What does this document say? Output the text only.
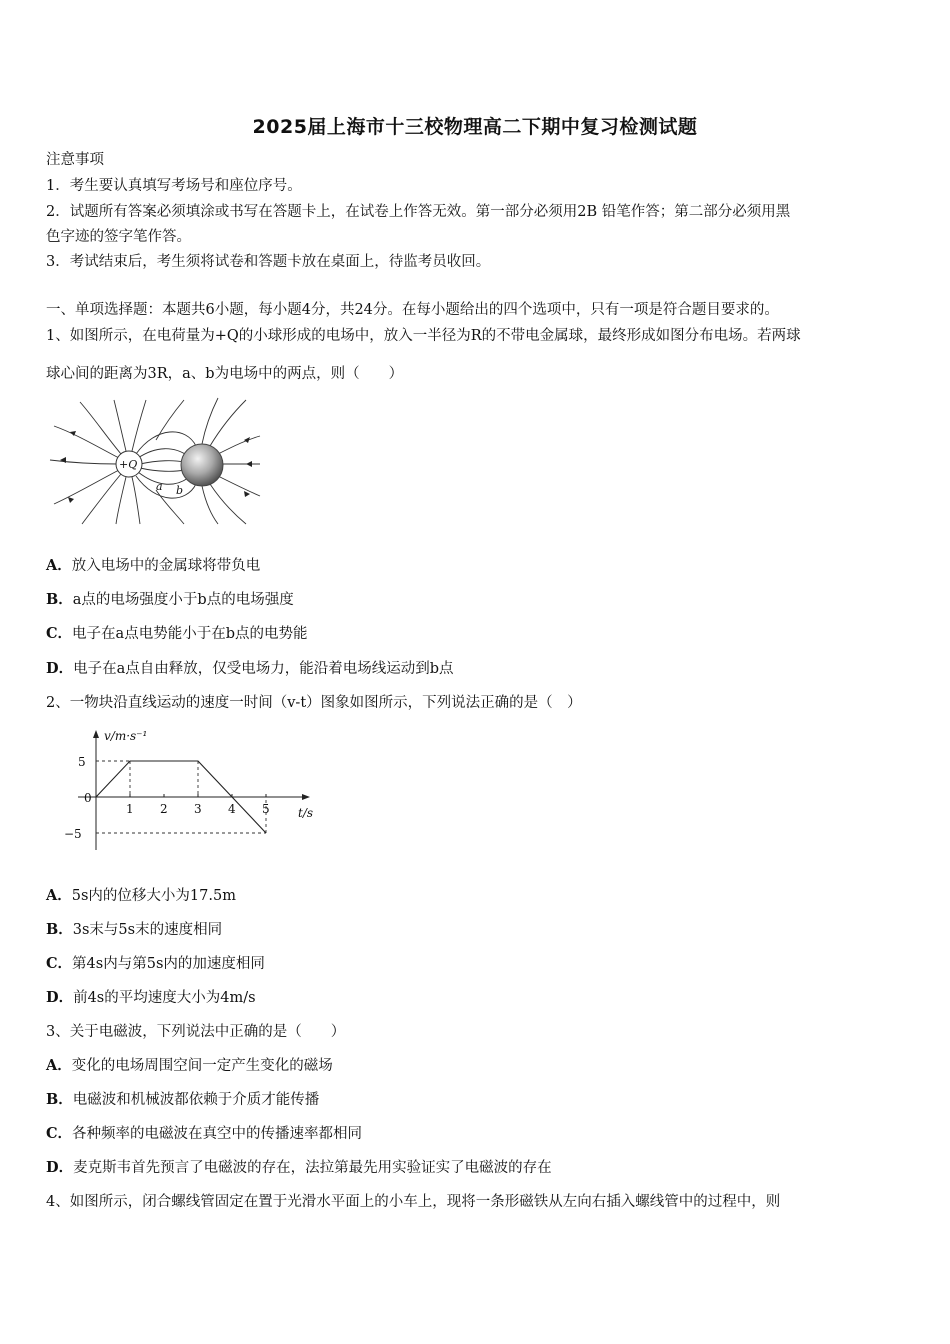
2025届上海市十三校物理高二下期中复习检测试题
注意事项
1．考生要认真填写考场号和座位序号。
2．试题所有答案必须填涂或书写在答题卡上，在试卷上作答无效。第一部分必须用2B 铅笔作答；第二部分必须用黑
色字迹的签字笔作答。
3．考试结束后，考生须将试卷和答题卡放在桌面上，待监考员收回。
一、单项选择题：本题共6小题，每小题4分，共24分。在每小题给出的四个选项中，只有一项是符合题目要求的。
1、如图所示，在电荷量为+Q的小球形成的电场中，放入一半径为R的不带电金属球，最终形成如图分布电场。若两球
球心间的距离为3R，a、b为电场中的两点，则（　　）
+Q
a b
A．放入电场中的金属球将带负电
B．a点的电场强度小于b点的电场强度
C．电子在a点电势能小于在b点的电势能
D．电子在a点自由释放，仅受电场力，能沿着电场线运动到b点
2、一物块沿直线运动的速度一时间（v-t）图象如图所示，下列说法正确的是（　）
0
1 2 3 4 5
5
−5
v/m·s⁻¹
t/s
A．5s内的位移大小为17.5m
B．3s末与5s末的速度相同
C．第4s内与第5s内的加速度相同
D．前4s的平均速度大小为4m/s
3、关于电磁波，下列说法中正确的是（　　）
A．变化的电场周围空间一定产生变化的磁场
B．电磁波和机械波都依赖于介质才能传播
C．各种频率的电磁波在真空中的传播速率都相同
D．麦克斯韦首先预言了电磁波的存在，法拉第最先用实验证实了电磁波的存在
4、如图所示，闭合螺线管固定在置于光滑水平面上的小车上，现将一条形磁铁从左向右插入螺线管中的过程中，则
